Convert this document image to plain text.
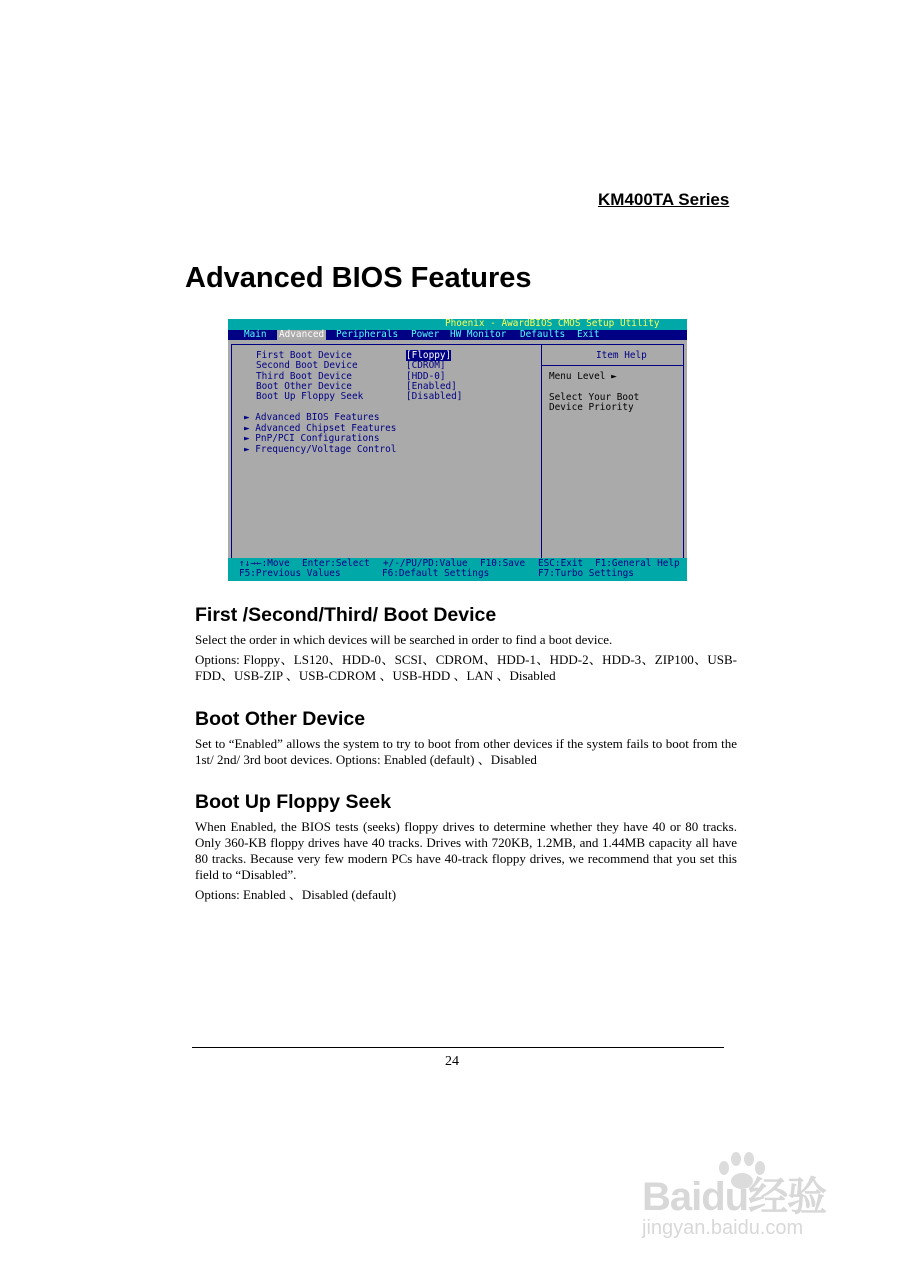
KM400TA Series
Advanced BIOS Features
Phoenix - AwardBIOS CMOS Setup Utility
Main Advanced Peripherals Power HW Monitor Defaults Exit
First Boot Device	[Floppy]
Second Boot Device	[CDROM]
Third Boot Device	[HDD-0]
Boot Other Device	[Enabled]
Boot Up Floppy Seek	[Disabled]
► Advanced BIOS Features
► Advanced Chipset Features
► PnP/PCI Configurations
► Frequency/Voltage Control
Item Help
Menu Level ►
Select Your Boot
Device Priority
↑↓→←:Move Enter:Select +/-/PU/PD:Value F10:Save ESC:Exit F1:General Help
F5:Previous Values	F6:Default Settings	F7:Turbo Settings
First /Second/Third/ Boot Device

Select the order in which devices will be searched in order to find a boot device.

Options: Floppy、LS120、HDD-0、SCSI、CDROM、HDD-1、HDD-2、HDD-3、ZIP100、USB-FDD、USB-ZIP 、USB-CDROM 、USB-HDD 、LAN 、Disabled

Boot Other Device

Set to “Enabled” allows the system to try to boot from other devices if the system fails to boot from the 1st/ 2nd/ 3rd boot devices. Options: Enabled (default) 、Disabled

Boot Up Floppy Seek

When Enabled, the BIOS tests (seeks) floppy drives to determine whether they have 40 or 80 tracks. Only 360-KB floppy drives have 40 tracks. Drives with 720KB, 1.2MB, and 1.44MB capacity all have 80 tracks. Because very few modern PCs have 40-track floppy drives, we recommend that you set this field to “Disabled”.

Options: Enabled 、Disabled (default)

24
Baidu经验
jingyan.baidu.com
